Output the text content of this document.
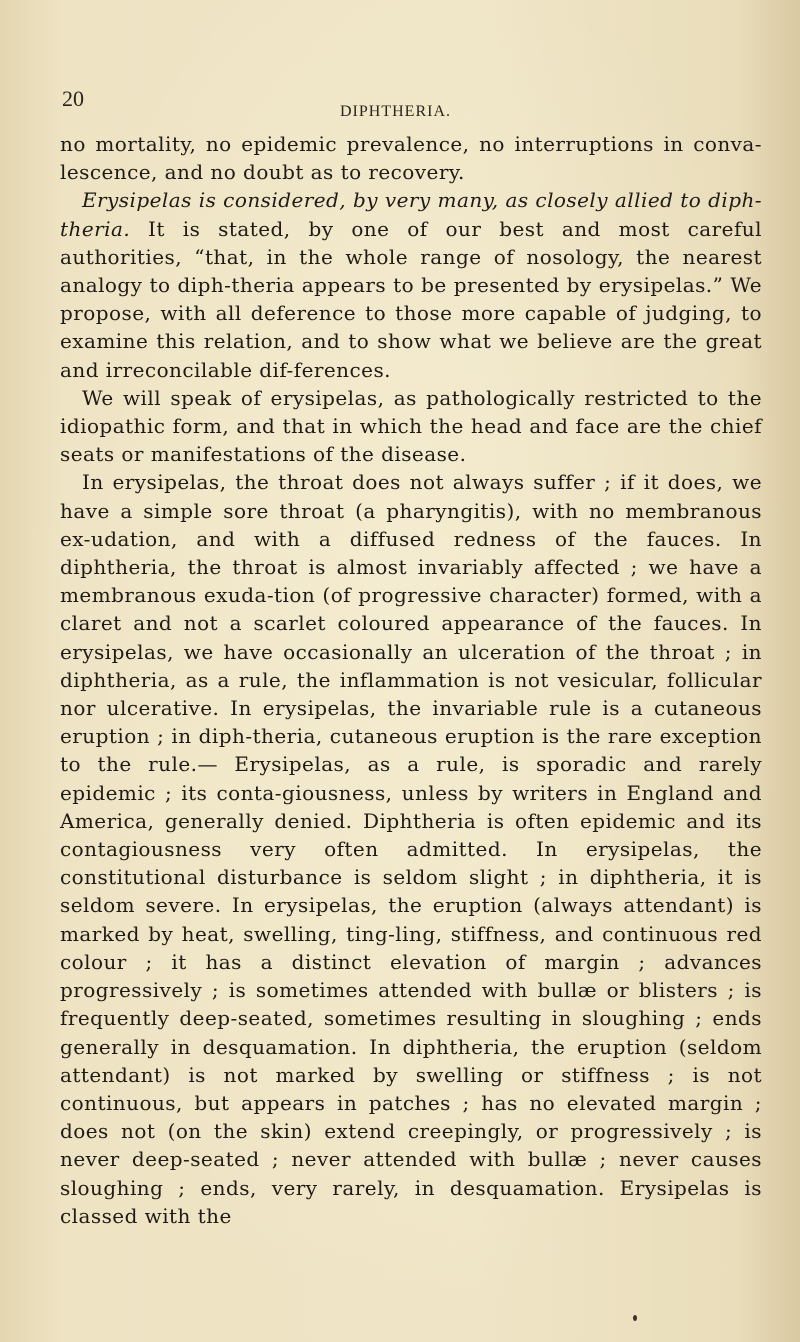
20
DIPHTHERIA.

no mortality, no epidemic prevalence, no interruptions in conva-lescence, and no doubt as to recovery.

Erysipelas is considered, by very many, as closely allied to diph-theria. It is stated, by one of our best and most careful authorities, “that, in the whole range of nosology, the nearest analogy to diph-theria appears to be presented by erysipelas.” We propose, with all deference to those more capable of judging, to examine this relation, and to show what we believe are the great and irreconcilable dif-ferences.

We will speak of erysipelas, as pathologically restricted to the idiopathic form, and that in which the head and face are the chief seats or manifestations of the disease.

In erysipelas, the throat does not always suffer ; if it does, we have a simple sore throat (a pharyngitis), with no membranous ex-udation, and with a diffused redness of the fauces. In diphtheria, the throat is almost invariably affected ; we have a membranous exuda-tion (of progressive character) formed, with a claret and not a scarlet coloured appearance of the fauces. In erysipelas, we have occasionally an ulceration of the throat ; in diphtheria, as a rule, the inflammation is not vesicular, follicular nor ulcerative. In erysipelas, the invariable rule is a cutaneous eruption ; in diph-theria, cutaneous eruption is the rare exception to the rule.— Erysipelas, as a rule, is sporadic and rarely epidemic ; its conta-giousness, unless by writers in England and America, generally denied. Diphtheria is often epidemic and its contagiousness very often admitted. In erysipelas, the constitutional disturbance is seldom slight ; in diphtheria, it is seldom severe. In erysipelas, the eruption (always attendant) is marked by heat, swelling, ting-ling, stiffness, and continuous red colour ; it has a distinct elevation of margin ; advances progressively ; is sometimes attended with bullæ or blisters ; is frequently deep-seated, sometimes resulting in sloughing ; ends generally in desquamation. In diphtheria, the eruption (seldom attendant) is not marked by swelling or stiffness ; is not continuous, but appears in patches ; has no elevated margin ; does not (on the skin) extend creepingly, or progressively ; is never deep-seated ; never attended with bullæ ; never causes sloughing ; ends, very rarely, in desquamation. Erysipelas is classed with the
